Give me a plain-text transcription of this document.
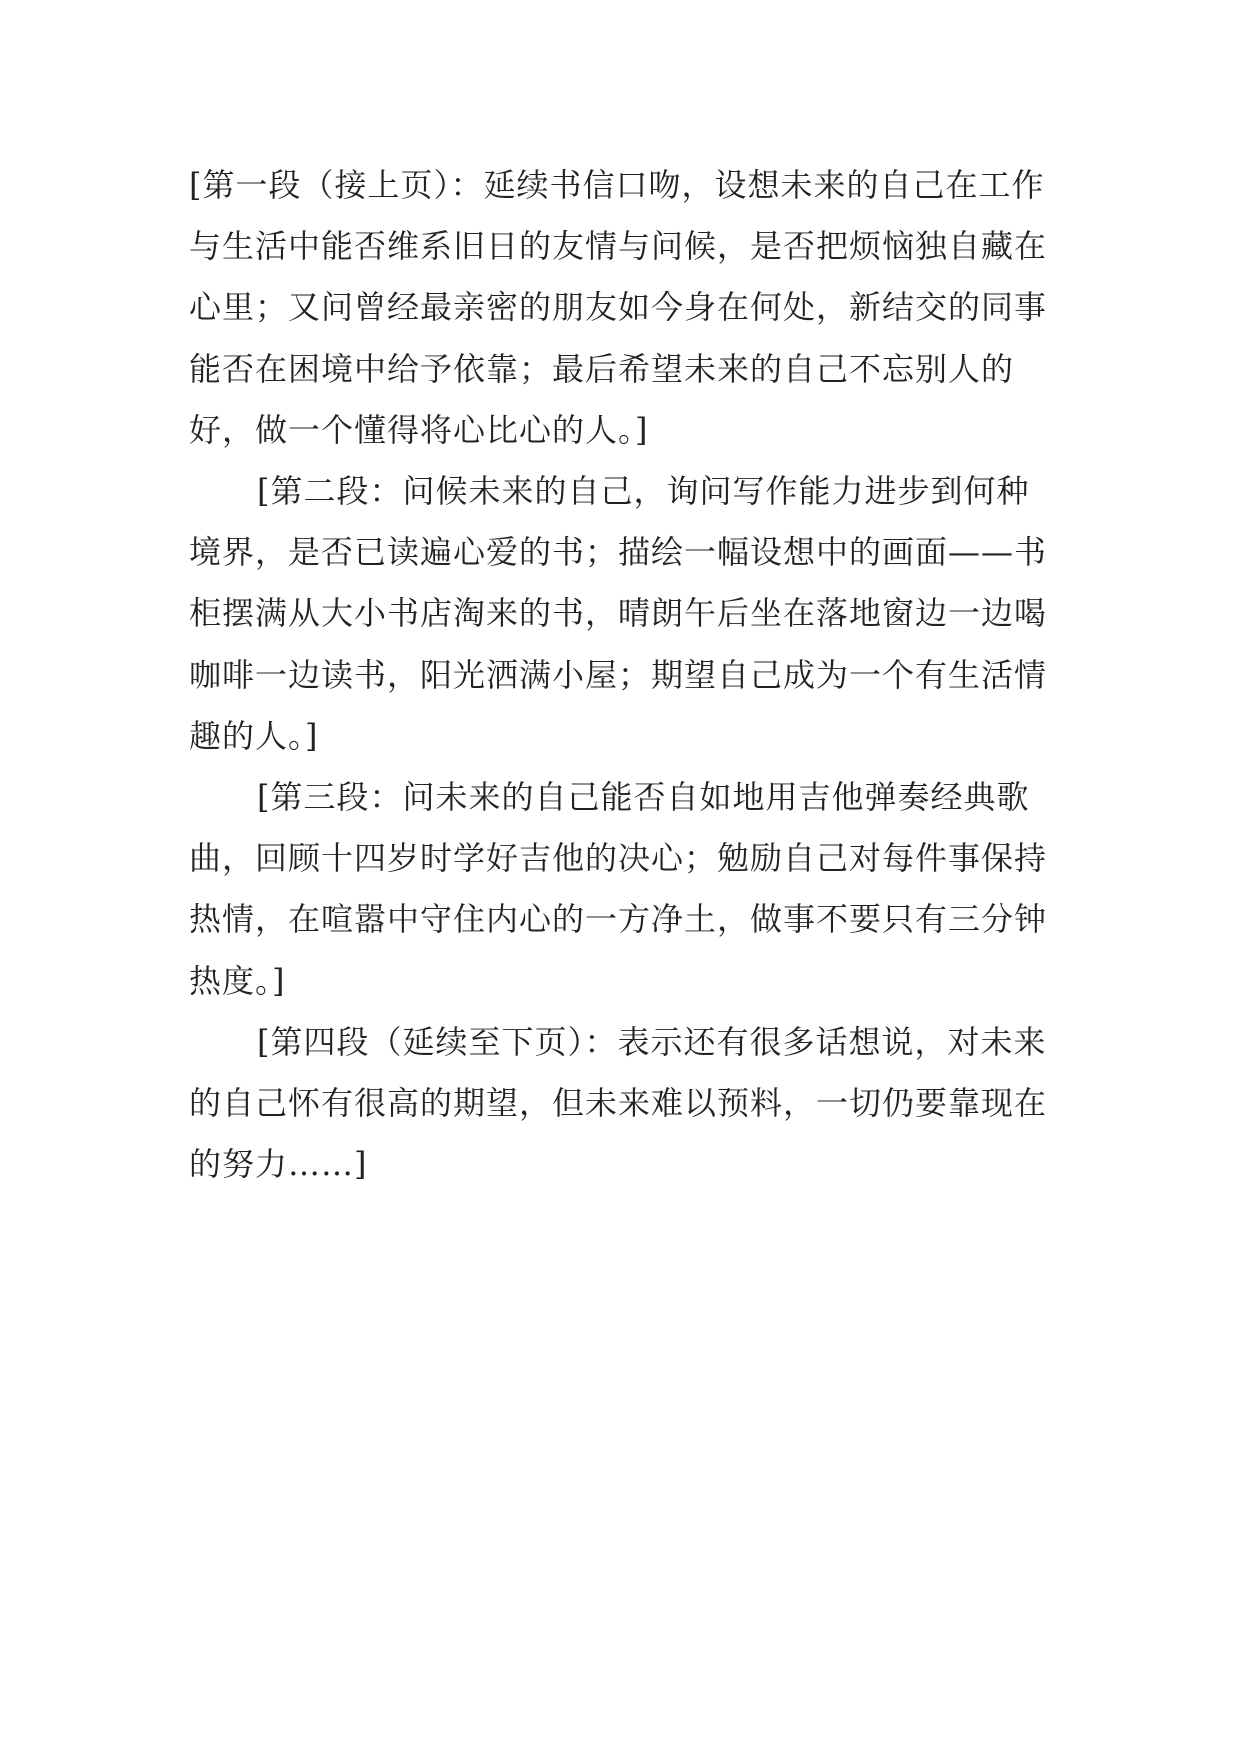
[第一段（接上页）：延续书信口吻，设想未来的自己在工作与生活中能否维系旧日的友情与问候，是否把烦恼独自藏在心里；又问曾经最亲密的朋友如今身在何处，新结交的同事能否在困境中给予依靠；最后希望未来的自己不忘别人的好，做一个懂得将心比心的人。]

[第二段：问候未来的自己，询问写作能力进步到何种境界，是否已读遍心爱的书；描绘一幅设想中的画面——书柜摆满从大小书店淘来的书，晴朗午后坐在落地窗边一边喝咖啡一边读书，阳光洒满小屋；期望自己成为一个有生活情趣的人。]

[第三段：问未来的自己能否自如地用吉他弹奏经典歌曲，回顾十四岁时学好吉他的决心；勉励自己对每件事保持热情，在喧嚣中守住内心的一方净土，做事不要只有三分钟热度。]

[第四段（延续至下页）：表示还有很多话想说，对未来的自己怀有很高的期望，但未来难以预料，一切仍要靠现在的努力……]
